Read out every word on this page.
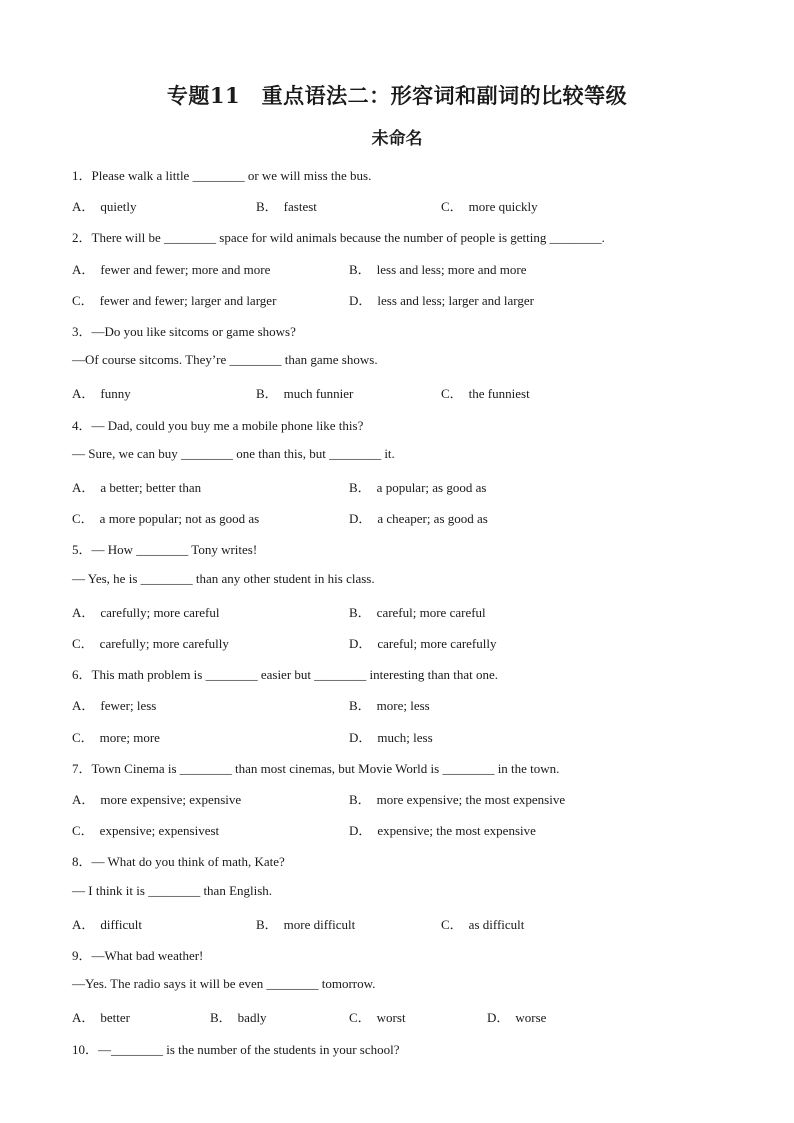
专题11　重点语法二：形容词和副词的比较等级
未命名
1．Please walk a little ________ or we will miss the bus.
A． quietly	B． fastest	C． more quickly
2．There will be ________ space for wild animals because the number of people is getting ________.
A． fewer and fewer; more and more	B． less and less; more and more
C． fewer and fewer; larger and larger	D． less and less; larger and larger
3．—Do you like sitcoms or game shows?
—Of course sitcoms. They’re ________ than game shows.
A． funny	B． much funnier	C． the funniest
4．— Dad, could you buy me a mobile phone like this?
— Sure, we can buy ________ one than this, but ________ it.
A． a better; better than	B． a popular; as good as
C． a more popular; not as good as	D． a cheaper; as good as
5．— How ________ Tony writes!
— Yes, he is ________ than any other student in his class.
A． carefully; more careful	B． careful; more careful
C． carefully; more carefully	D． careful; more carefully
6．This math problem is ________ easier but ________ interesting than that one.
A． fewer; less	B． more; less
C． more; more	D． much; less
7．Town Cinema is ________ than most cinemas, but Movie World is ________ in the town.
A． more expensive; expensive	B． more expensive; the most expensive
C． expensive; expensivest	D． expensive; the most expensive
8．— What do you think of math, Kate?
— I think it is ________ than English.
A． difficult	B． more difficult	C． as difficult
9．—What bad weather!
—Yes. The radio says it will be even ________ tomorrow.
A． better	B． badly	C． worst	D． worse
10．—________ is the number of the students in your school?
